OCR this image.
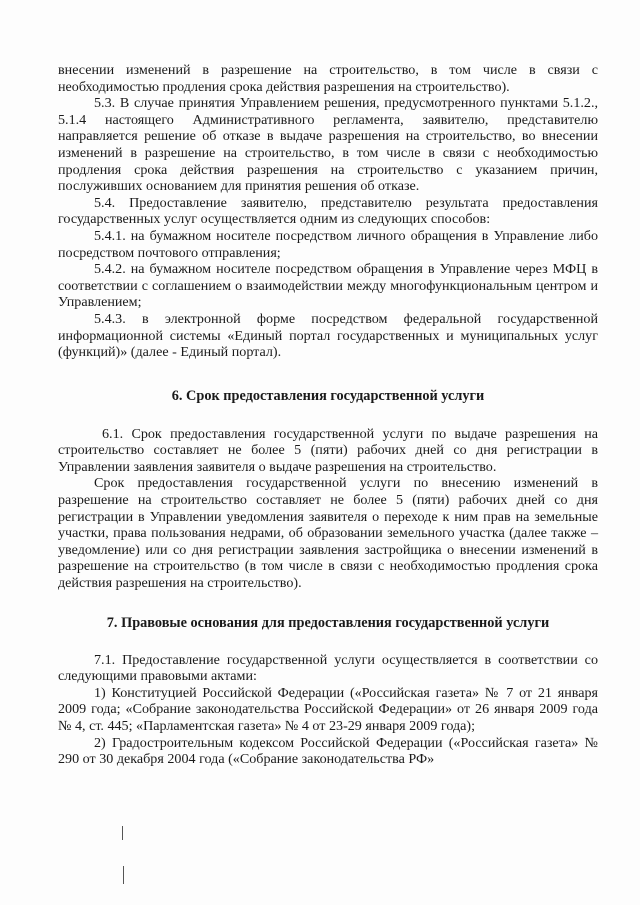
внесении изменений в разрешение на строительство, в том числе в связи с необходимостью продления срока действия разрешения на строительство).

5.3. В случае принятия Управлением решения, предусмотренного пунктами 5.1.2., 5.1.4 настоящего Административного регламента, заявителю, представителю направляется решение об отказе в выдаче разрешения на строительство, во внесении изменений в разрешение на строительство, в том числе в связи с необходимостью продления срока действия разрешения на строительство с указанием причин, послуживших основанием для принятия решения об отказе.

5.4. Предоставление заявителю, представителю результата предоставления государственных услуг осуществляется одним из следующих способов:

5.4.1. на бумажном носителе посредством личного обращения в Управление либо посредством почтового отправления;

5.4.2. на бумажном носителе посредством обращения в Управление через МФЦ в соответствии с соглашением о взаимодействии между многофункциональным центром и Управлением;

5.4.3. в электронной форме посредством федеральной государственной информационной системы «Единый портал государственных и муниципальных услуг (функций)» (далее - Единый портал).

6. Срок предоставления государственной услуги

6.1. Срок предоставления государственной услуги по выдаче разрешения на строительство составляет не более 5 (пяти) рабочих дней со дня регистрации в Управлении заявления заявителя о выдаче разрешения на строительство.

Срок предоставления государственной услуги по внесению изменений в разрешение на строительство составляет не более 5 (пяти) рабочих дней со дня регистрации в Управлении уведомления заявителя о переходе к ним прав на земельные участки, права пользования недрами, об образовании земельного участка (далее также – уведомление) или со дня регистрации заявления застройщика о внесении изменений в разрешение на строительство (в том числе в связи с необходимостью продления срока действия разрешения на строительство).

7. Правовые основания для предоставления государственной услуги

7.1. Предоставление государственной услуги осуществляется в соответствии со следующими правовыми актами:

1) Конституцией Российской Федерации («Российская газета» № 7 от 21 января 2009 года; «Собрание законодательства Российской Федерации» от 26 января 2009 года № 4, ст. 445; «Парламентская газета» № 4 от 23-29 января 2009 года);

2) Градостроительным кодексом Российской Федерации («Российская газета» № 290 от 30 декабря 2004 года («Собрание законодательства РФ»
